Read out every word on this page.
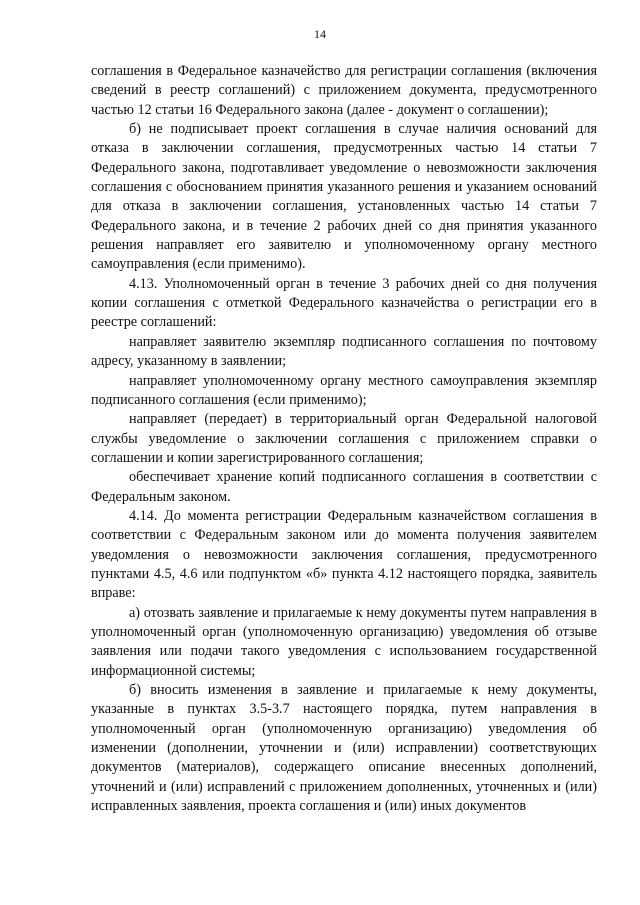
14

соглашения в Федеральное казначейство для регистрации соглашения (включения сведений в реестр соглашений) с приложением документа, предусмотренного частью 12 статьи 16 Федерального закона (далее - документ о соглашении);

б) не подписывает проект соглашения в случае наличия оснований для отказа в заключении соглашения, предусмотренных частью 14 статьи 7 Федерального закона, подготавливает уведомление о невозможности заключения соглашения с обоснованием принятия указанного решения и указанием оснований для отказа в заключении соглашения, установленных частью 14 статьи 7 Федерального закона, и в течение 2 рабочих дней со дня принятия указанного решения направляет его заявителю и уполномоченному органу местного самоуправления (если применимо).

4.13. Уполномоченный орган в течение 3 рабочих дней со дня получения копии соглашения с отметкой Федерального казначейства о регистрации его в реестре соглашений:

направляет заявителю экземпляр подписанного соглашения по почтовому адресу, указанному в заявлении;

направляет уполномоченному органу местного самоуправления экземпляр подписанного соглашения (если применимо);

направляет (передает) в территориальный орган Федеральной налоговой службы уведомление о заключении соглашения с приложением справки о соглашении и копии зарегистрированного соглашения;

обеспечивает хранение копий подписанного соглашения в соответствии с Федеральным законом.

4.14. До момента регистрации Федеральным казначейством соглашения в соответствии с Федеральным законом или до момента получения заявителем уведомления о невозможности заключения соглашения, предусмотренного пунктами 4.5, 4.6 или подпунктом «б» пункта 4.12 настоящего порядка, заявитель вправе:

а) отозвать заявление и прилагаемые к нему документы путем направления в уполномоченный орган (уполномоченную организацию) уведомления об отзыве заявления или подачи такого уведомления с использованием государственной информационной системы;

б) вносить изменения в заявление и прилагаемые к нему документы, указанные в пунктах 3.5-3.7 настоящего порядка, путем направления в уполномоченный орган (уполномоченную организацию) уведомления об изменении (дополнении, уточнении и (или) исправлении) соответствующих документов (материалов), содержащего описание внесенных дополнений, уточнений и (или) исправлений с приложением дополненных, уточненных и (или) исправленных заявления, проекта соглашения и (или) иных документов
